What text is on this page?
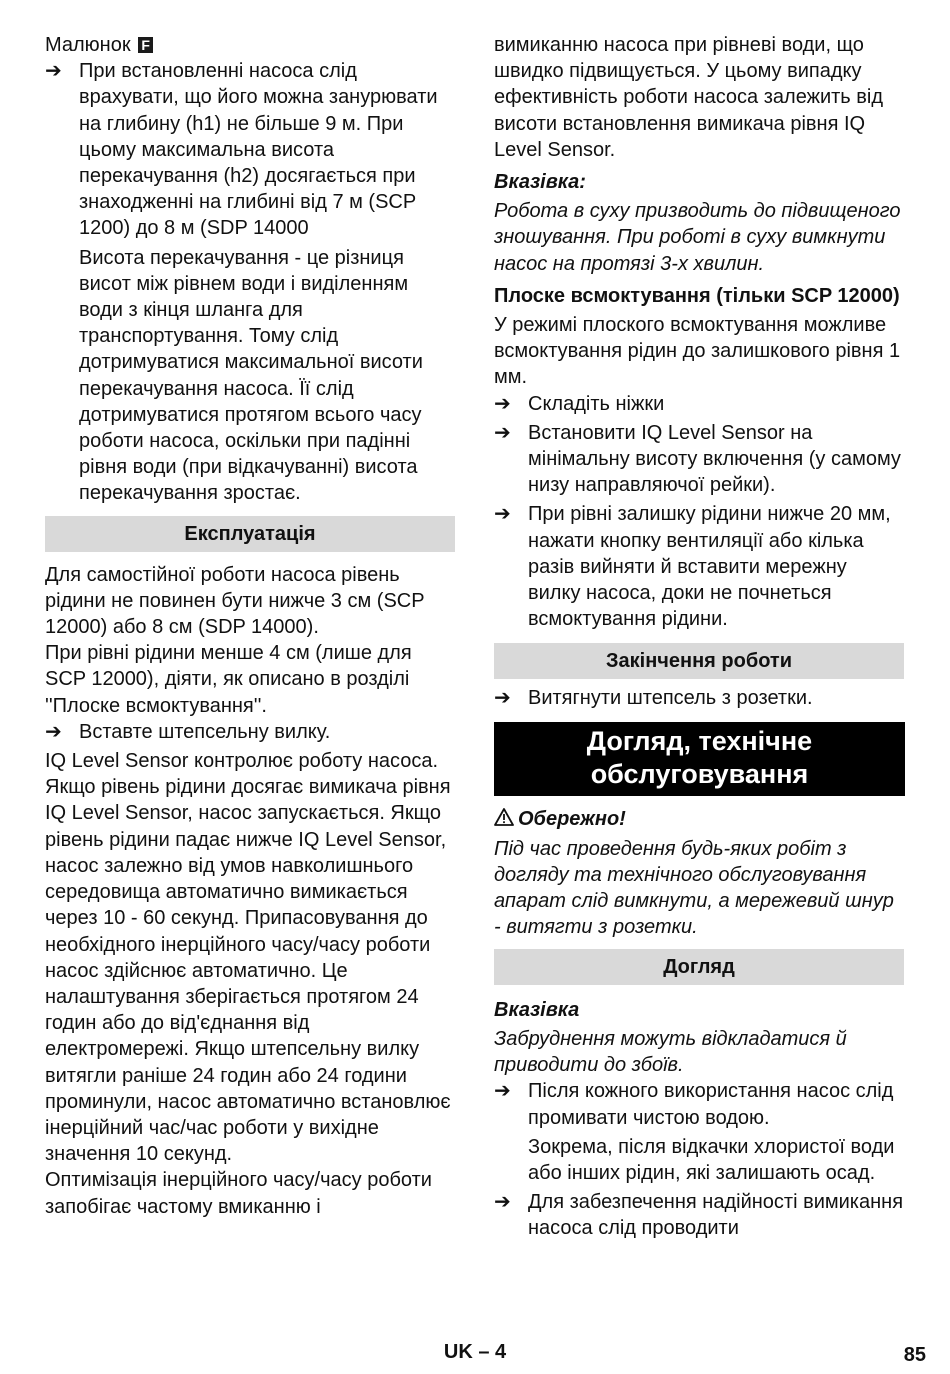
Малюнок F

➔ При встановленні насоса слід врахувати, що його можна занурювати на глибину (h1) не більше 9 м. При цьому максимальна висота перекачування (h2) досягається при знаходженні на глибині від 7 м (SCP 1200) до 8 м (SDP 14000

Висота перекачування - це різниця висот між рівнем води і виділенням води з кінця шланга для транспортування. Тому слід дотримуватися максимальної висоти перекачування насоса. Її слід дотримуватися протягом всього часу роботи насоса, оскільки при падінні рівня води (при відкачуванні) висота перекачування зростає.

Експлуатація

Для самостійної роботи насоса рівень рідини не повинен бути нижче 3 см (SCP 12000) або 8 см (SDP 14000).

При рівні рідини менше 4 см (лише для SCP 12000), діяти, як описано в розділі ''Плоске всмоктування''.

➔ Вставте штепсельну вилку.

IQ Level Sensor контролює роботу насоса.

Якщо рівень рідини досягає вимикача рівня IQ Level Sensor, насос запускається. Якщо рівень рідини падає нижче IQ Level Sensor, насос залежно від умов навколишнього середовища автоматично вимикається через 10 - 60 секунд. Припасовування до необхідного інерційного часу/часу роботи насос здійснює автоматично. Це налаштування зберігається протягом 24 годин або до від'єднання від електромережі. Якщо штепсельну вилку витягли раніше 24 годин або 24 години проминули, насос автоматично встановлює інерційний час/час роботи у вихідне значення 10 секунд.

Оптимізація інерційного часу/часу роботи запобігає частому вмиканню і

вимиканню насоса при рівневі води, що швидко підвищується. У цьому випадку ефективність роботи насоса залежить від висоти встановлення вимикача рівня IQ Level Sensor.

Вказівка:

Робота в суху призводить до підвищеного зношування. При роботі в суху вимкнути насос на протязі 3-х хвилин.

Плоске всмоктування (тільки SCP 12000)

У режимі плоского всмоктування можливе всмоктування рідин до залишкового рівня 1 мм.

➔ Складіть ніжки
➔ Встановити IQ Level Sensor на мінімальну висоту включення (у самому низу направляючої рейки).
➔ При рівні залишку рідини нижче 20 мм, нажати кнопку вентиляції або кілька разів вийняти й вставити мережну вилку насоса, доки не почнеться всмоктування рідини.
Закінчення роботи
➔ Витягнути штепсель з розетки.
Догляд, технічне обслуговування

Обережно!

Під час проведення будь-яких робіт з догляду та технічного обслуговування апарат слід вимкнути, а мережевий шнур - витягти з розетки.

Догляд

Вказівка

Забруднення можуть відкладатися й приводити до збоїв.

➔ Після кожного використання насос слід промивати чистою водою.

Зокрема, після відкачки хлористої води або інших рідин, які залишають осад.

➔ Для забезпечення надійності вимикання насоса слід проводити
UK – 4	85
